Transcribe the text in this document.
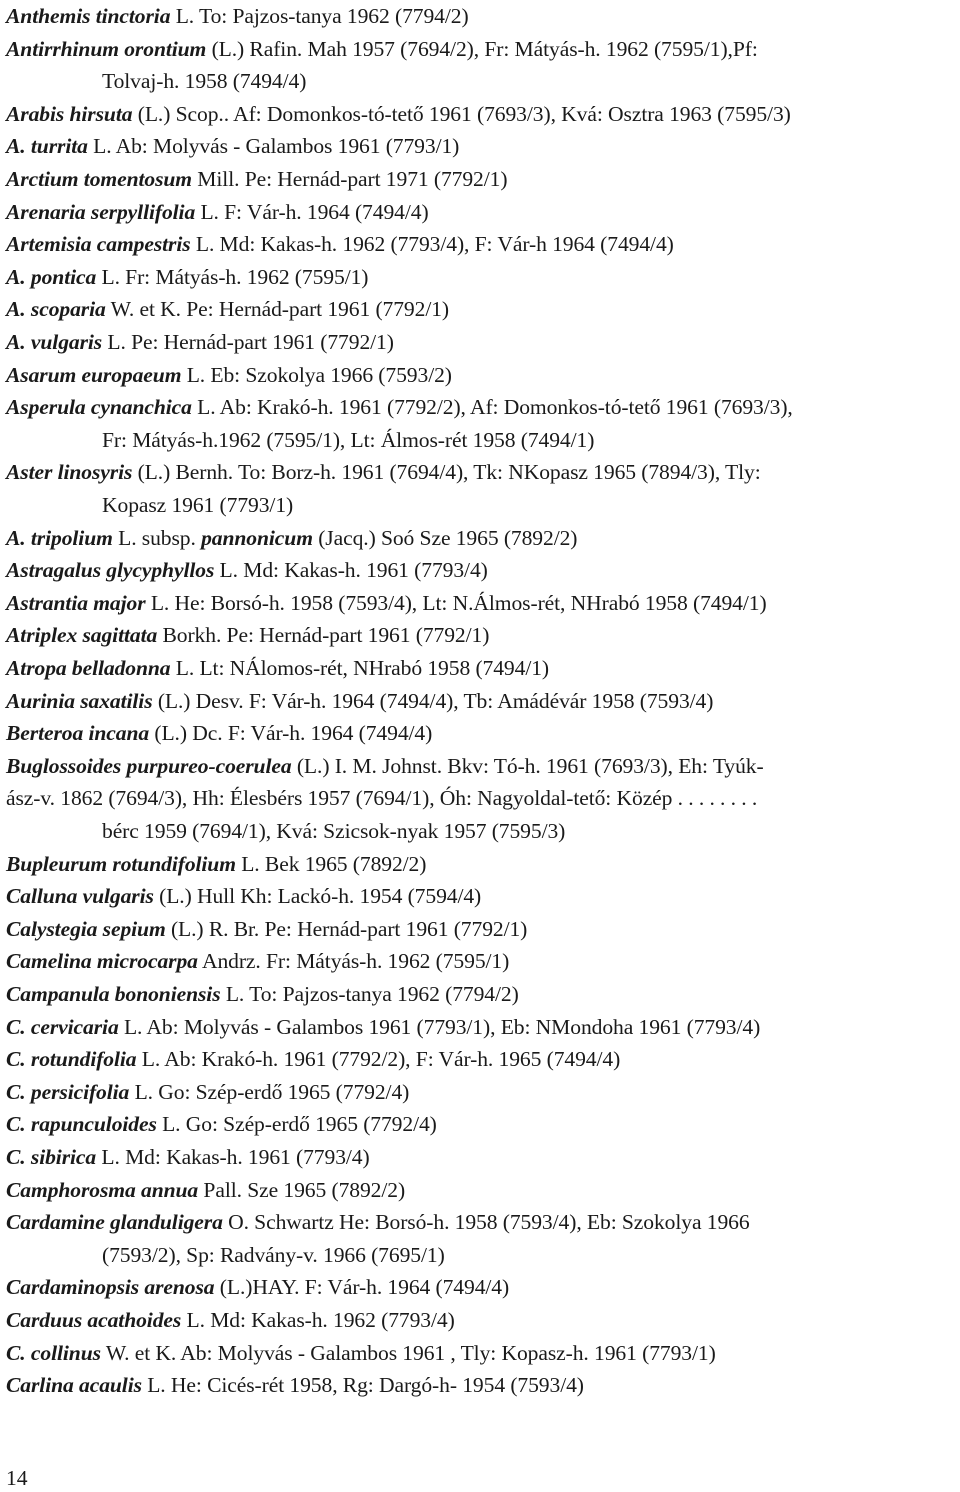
Anthemis tinctoria L. To: Pajzos-tanya 1962 (7794/2)
Antirrhinum orontium (L.) Rafin. Mah 1957 (7694/2), Fr: Mátyás-h. 1962 (7595/1),Pf:
Tolvaj-h. 1958 (7494/4)
Arabis hirsuta (L.) Scop.. Af: Domonkos-tó-tető 1961 (7693/3), Kvá: Osztra 1963 (7595/3)
A. turrita L. Ab: Molyvás - Galambos 1961 (7793/1)
Arctium tomentosum Mill. Pe: Hernád-part 1971 (7792/1)
Arenaria serpyllifolia L. F: Vár-h. 1964 (7494/4)
Artemisia campestris L. Md: Kakas-h. 1962 (7793/4), F: Vár-h 1964 (7494/4)
A. pontica L. Fr: Mátyás-h. 1962 (7595/1)
A. scoparia W. et K. Pe: Hernád-part 1961 (7792/1)
A. vulgaris L. Pe: Hernád-part 1961 (7792/1)
Asarum europaeum L. Eb: Szokolya 1966 (7593/2)
Asperula cynanchica L. Ab: Krakó-h. 1961 (7792/2), Af: Domonkos-tó-tető 1961 (7693/3),
Fr: Mátyás-h.1962 (7595/1), Lt: Álmos-rét 1958 (7494/1)
Aster linosyris (L.) Bernh. To: Borz-h. 1961 (7694/4), Tk: NKopasz 1965 (7894/3), Tly:
Kopasz 1961 (7793/1)
A. tripolium L. subsp. pannonicum (Jacq.) Soó Sze 1965 (7892/2)
Astragalus glycyphyllos L. Md: Kakas-h. 1961 (7793/4)
Astrantia major L. He: Borsó-h. 1958 (7593/4), Lt: N.Álmos-rét, NHrabó 1958 (7494/1)
Atriplex sagittata Borkh. Pe: Hernád-part 1961 (7792/1)
Atropa belladonna L. Lt: NÁlomos-rét, NHrabó 1958 (7494/1)
Aurinia saxatilis (L.) Desv. F: Vár-h. 1964 (7494/4), Tb: Amádévár 1958 (7593/4)
Berteroa incana (L.) Dc. F: Vár-h. 1964 (7494/4)
Buglossoides purpureo-coerulea (L.) I. M. Johnst. Bkv: Tó-h. 1961 (7693/3), Eh: Tyúk-
ász-v. 1862 (7694/3), Hh: Élesbérs 1957 (7694/1), Óh: Nagyoldal-tető: Közép . . . . . . . .
bérc 1959 (7694/1), Kvá: Szicsok-nyak 1957 (7595/3)
Bupleurum rotundifolium L. Bek 1965 (7892/2)
Calluna vulgaris (L.) Hull Kh: Lackó-h. 1954 (7594/4)
Calystegia sepium (L.) R. Br. Pe: Hernád-part 1961 (7792/1)
Camelina microcarpa Andrz. Fr: Mátyás-h. 1962 (7595/1)
Campanula bononiensis L. To: Pajzos-tanya 1962 (7794/2)
C. cervicaria L. Ab: Molyvás - Galambos 1961 (7793/1), Eb: NMondoha 1961 (7793/4)
C. rotundifolia L. Ab: Krakó-h. 1961 (7792/2), F: Vár-h. 1965 (7494/4)
C. persicifolia L. Go: Szép-erdő 1965 (7792/4)
C. rapunculoides L. Go: Szép-erdő 1965 (7792/4)
C. sibirica L. Md: Kakas-h. 1961 (7793/4)
Camphorosma annua Pall. Sze 1965 (7892/2)
Cardamine glanduligera O. Schwartz He: Borsó-h. 1958 (7593/4), Eb: Szokolya 1966
(7593/2), Sp: Radvány-v. 1966 (7695/1)
Cardaminopsis arenosa (L.)HAY. F: Vár-h. 1964 (7494/4)
Carduus acathoides L. Md: Kakas-h. 1962 (7793/4)
C. collinus W. et K. Ab: Molyvás - Galambos 1961 , Tly: Kopasz-h. 1961 (7793/1)
Carlina acaulis L. He: Cicés-rét 1958, Rg: Dargó-h- 1954 (7593/4)
14
